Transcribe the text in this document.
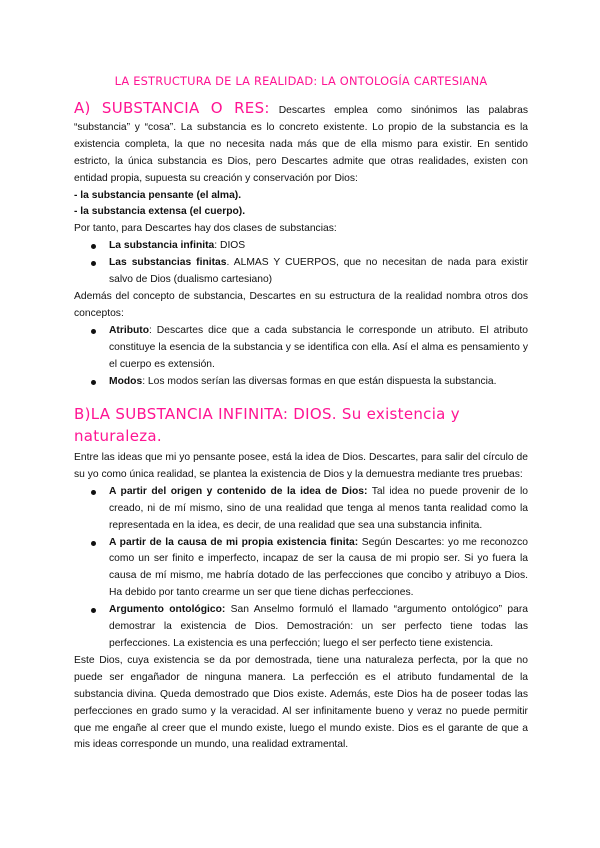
LA ESTRUCTURA DE LA REALIDAD: LA ONTOLOGÍA CARTESIANA

A) SUBSTANCIA O RES: Descartes emplea como sinónimos las palabras “substancia” y “cosa”. La substancia es lo concreto existente. Lo propio de la substancia es la existencia completa, la que no necesita nada más que de ella mismo para existir. En sentido estricto, la única substancia es Dios, pero Descartes admite que otras realidades, existen con entidad propia, supuesta su creación y conservación por Dios:

- la substancia pensante (el alma).

- la substancia extensa (el cuerpo).

Por tanto, para Descartes hay dos clases de substancias:

La substancia infinita: DIOS
Las substancias finitas. ALMAS Y CUERPOS, que no necesitan de nada para existir salvo de Dios (dualismo cartesiano)

Además del concepto de substancia, Descartes en su estructura de la realidad nombra otros dos conceptos:

Atributo: Descartes dice que a cada substancia le corresponde un atributo. El atributo constituye la esencia de la substancia y se identifica con ella. Así el alma es pensamiento y el cuerpo es extensión.
Modos: Los modos serían las diversas formas en que están dispuesta la substancia.
B)LA SUBSTANCIA INFINITA: DIOS. Su existencia y naturaleza.

Entre las ideas que mi yo pensante posee, está la idea de Dios. Descartes, para salir del círculo de su yo como única realidad, se plantea la existencia de Dios y la demuestra mediante tres pruebas:

A partir del origen y contenido de la idea de Dios: Tal idea no puede provenir de lo creado, ni de mí mismo, sino de una realidad que tenga al menos tanta realidad como la representada en la idea, es decir, de una realidad que sea una substancia infinita.
A partir de la causa de mi propia existencia finita: Según Descartes: yo me reconozco como un ser finito e imperfecto, incapaz de ser la causa de mi propio ser. Si yo fuera la causa de mí mismo, me habría dotado de las perfecciones que concibo y atribuyo a Dios. Ha debido por tanto crearme un ser que tiene dichas perfecciones.
Argumento ontológico: San Anselmo formuló el llamado “argumento ontológico” para demostrar la existencia de Dios. Demostración: un ser perfecto tiene todas las perfecciones. La existencia es una perfección; luego el ser perfecto tiene existencia.

Este Dios, cuya existencia se da por demostrada, tiene una naturaleza perfecta, por la que no puede ser engañador de ninguna manera. La perfección es el atributo fundamental de la substancia divina. Queda demostrado que Dios existe. Además, este Dios ha de poseer todas las perfecciones en grado sumo y la veracidad. Al ser infinitamente bueno y veraz no puede permitir que me engañe al creer que el mundo existe, luego el mundo existe. Dios es el garante de que a mis ideas corresponde un mundo, una realidad extramental.
